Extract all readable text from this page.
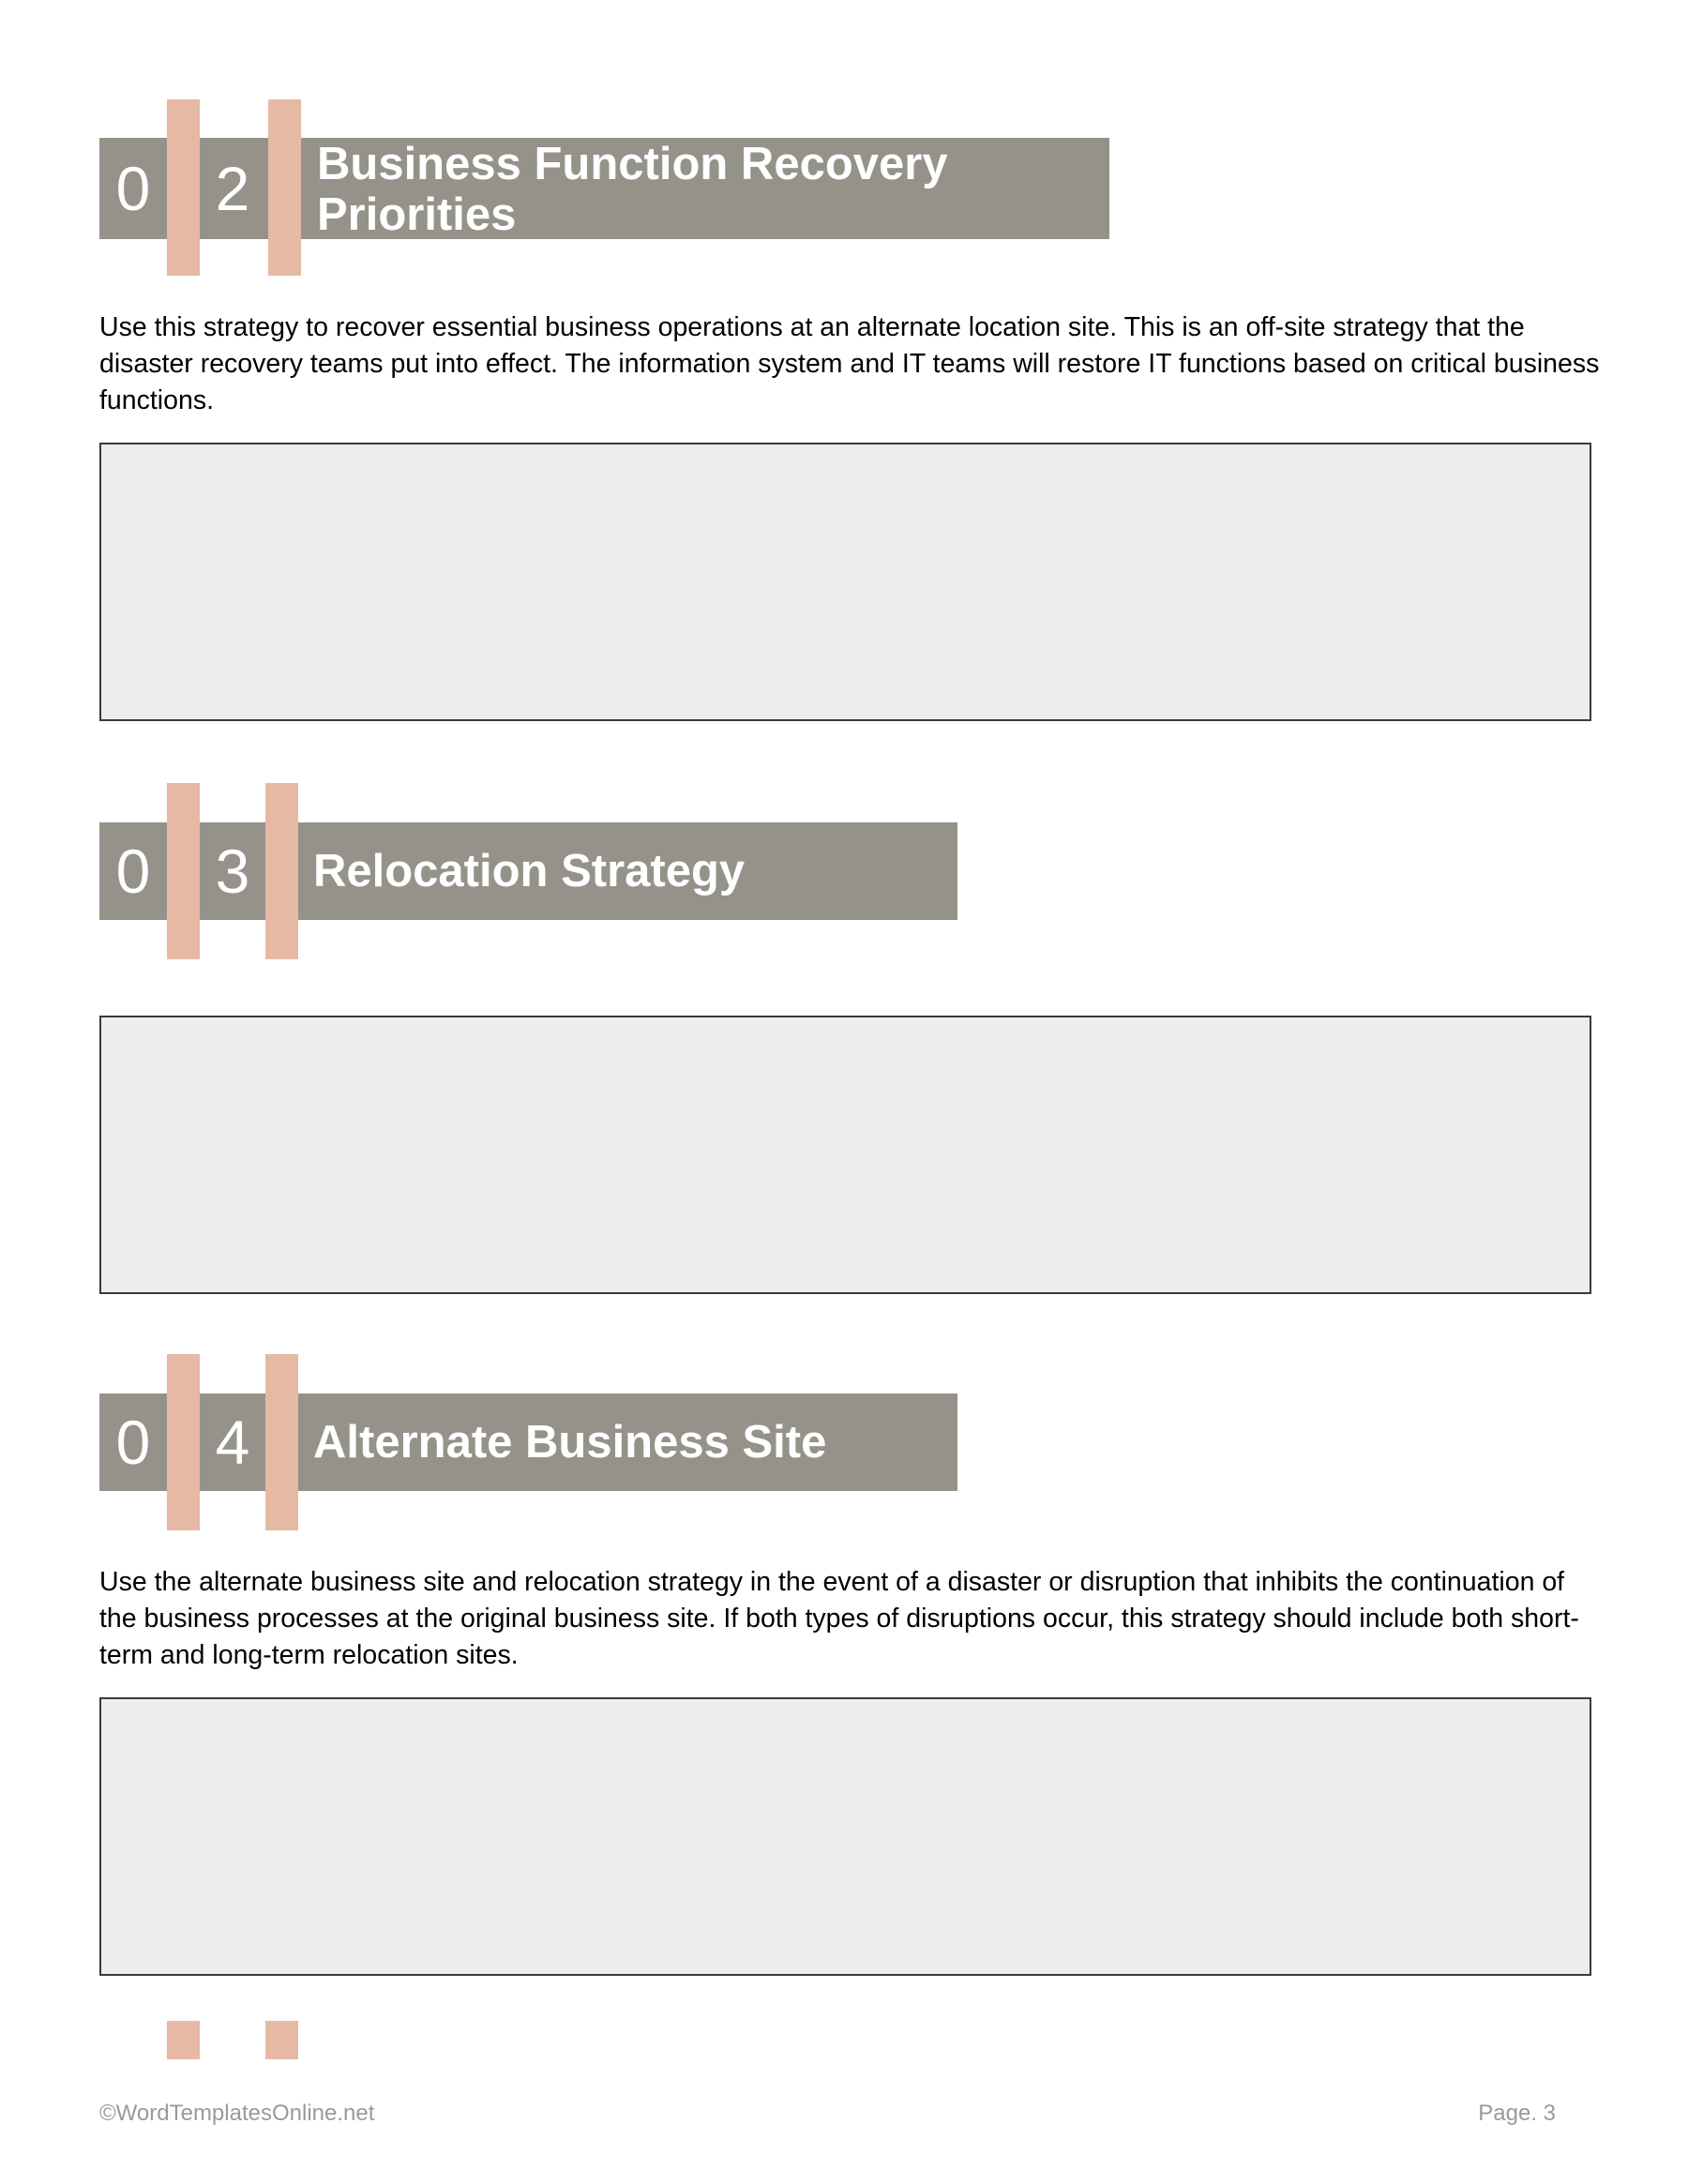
0 2	Business Function Recovery
Priorities
Use this strategy to recover essential business operations at an alternate location site. This is an off-site strategy that the disaster recovery teams put into effect. The information system and IT teams will restore IT functions based on critical business functions.
0 3	Relocation Strategy
0 4	Alternate Business Site
Use the alternate business site and relocation strategy in the event of a disaster or disruption that inhibits the continuation of the business processes at the original business site. If both types of disruptions occur, this strategy should include both short-term and long-term relocation sites.
©WordTemplatesOnline.net	Page. 3
